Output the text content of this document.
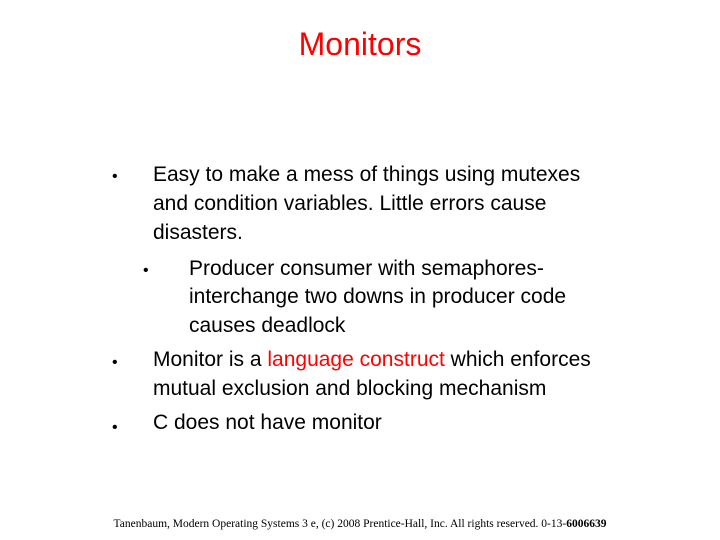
Monitors
• Easy to make a mess of things using mutexes
and condition variables. Little errors cause
disasters.
• Producer consumer with semaphores-
interchange two downs in producer code
causes deadlock
• Monitor is a language construct which enforces
mutual exclusion and blocking mechanism
• C does not have monitor
Tanenbaum, Modern Operating Systems 3 e, (c) 2008 Prentice-Hall, Inc. All rights reserved. 0-13-6006639
